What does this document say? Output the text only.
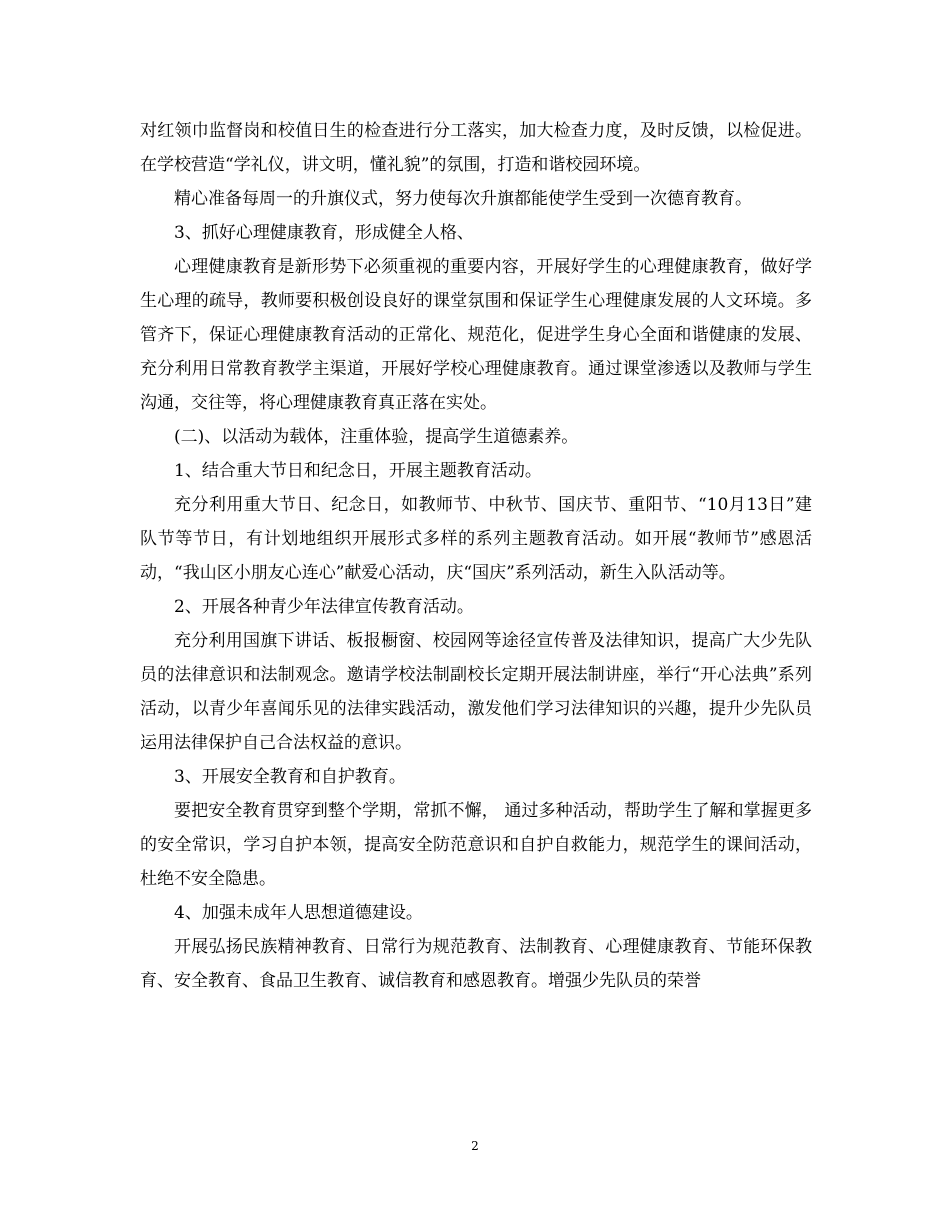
对红领巾监督岗和校值日生的检查进行分工落实，加大检查力度，及时反馈，以检促进。在学校营造“学礼仪，讲文明，懂礼貌”的氛围，打造和谐校园环境。

精心准备每周一的升旗仪式，努力使每次升旗都能使学生受到一次德育教育。

3、抓好心理健康教育，形成健全人格、

心理健康教育是新形势下必须重视的重要内容，开展好学生的心理健康教育，做好学生心理的疏导，教师要积极创设良好的课堂氛围和保证学生心理健康发展的人文环境。多管齐下，保证心理健康教育活动的正常化、规范化，促进学生身心全面和谐健康的发展、充分利用日常教育教学主渠道，开展好学校心理健康教育。通过课堂渗透以及教师与学生沟通，交往等，将心理健康教育真正落在实处。

(二)、以活动为载体，注重体验，提高学生道德素养。

1、结合重大节日和纪念日，开展主题教育活动。

充分利用重大节日、纪念日，如教师节、中秋节、国庆节、重阳节、“10月13日”建队节等节日，有计划地组织开展形式多样的系列主题教育活动。如开展“教师节”感恩活动，“我山区小朋友心连心”献爱心活动，庆“国庆”系列活动，新生入队活动等。

2、开展各种青少年法律宣传教育活动。

充分利用国旗下讲话、板报橱窗、校园网等途径宣传普及法律知识，提高广大少先队员的法律意识和法制观念。邀请学校法制副校长定期开展法制讲座，举行“开心法典”系列活动，以青少年喜闻乐见的法律实践活动，激发他们学习法律知识的兴趣，提升少先队员运用法律保护自己合法权益的意识。

3、开展安全教育和自护教育。

要把安全教育贯穿到整个学期，常抓不懈， 通过多种活动，帮助学生了解和掌握更多的安全常识，学习自护本领，提高安全防范意识和自护自救能力，规范学生的课间活动，杜绝不安全隐患。

4、加强未成年人思想道德建设。

开展弘扬民族精神教育、日常行为规范教育、法制教育、心理健康教育、节能环保教育、安全教育、食品卫生教育、诚信教育和感恩教育。增强少先队员的荣誉

2
